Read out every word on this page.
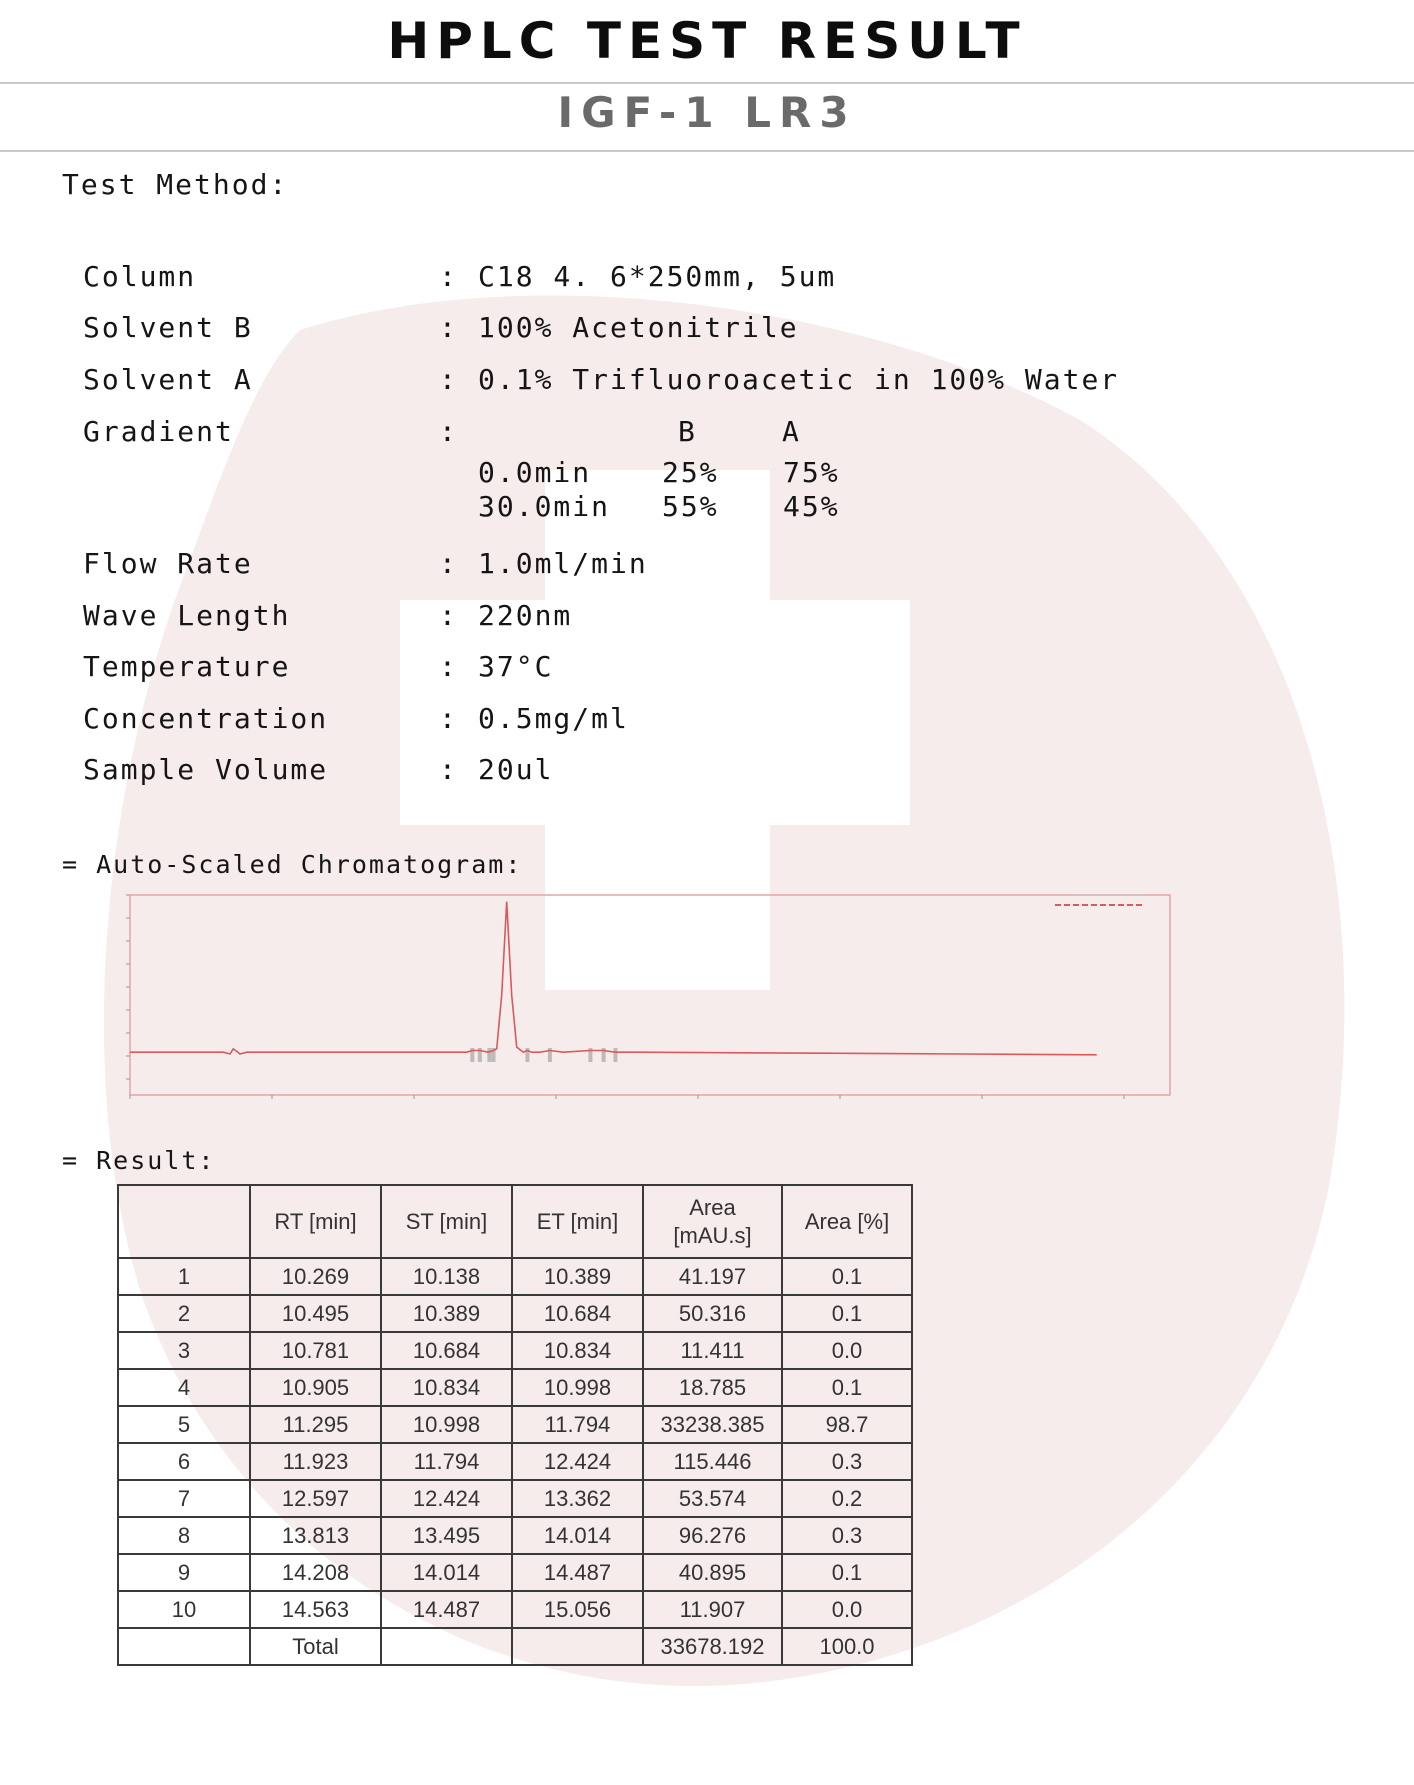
HPLC TEST RESULT
IGF-1 LR3
Test Method:
Column	: C18 4. 6*250mm, 5um
Solvent B	: 100% Acetonitrile
Solvent A	: 0.1% Trifluoroacetic in 100% Water
Gradient	:	B	A
0.0min	25% 75%
30.0min 55% 45%
Flow Rate	: 1.0ml/min
Wave Length	: 220nm
Temperature	: 37°C
Concentration	: 0.5mg/ml
Sample Volume	: 20ul
= Auto-Scaled Chromatogram:
= Result:
	RT [min]	ST [min]	ET [min]	Area
[mAU.s]	Area [%]
1	10.269	10.138	10.389	41.197	0.1
2	10.495	10.389	10.684	50.316	0.1
3	10.781	10.684	10.834	11.411	0.0
4	10.905	10.834	10.998	18.785	0.1
5	11.295	10.998	11.794	33238.385	98.7
6	11.923	11.794	12.424	115.446	0.3
7	12.597	12.424	13.362	53.574	0.2
8	13.813	13.495	14.014	96.276	0.3
9	14.208	14.014	14.487	40.895	0.1
10	14.563	14.487	15.056	11.907	0.0
	Total			33678.192	100.0
